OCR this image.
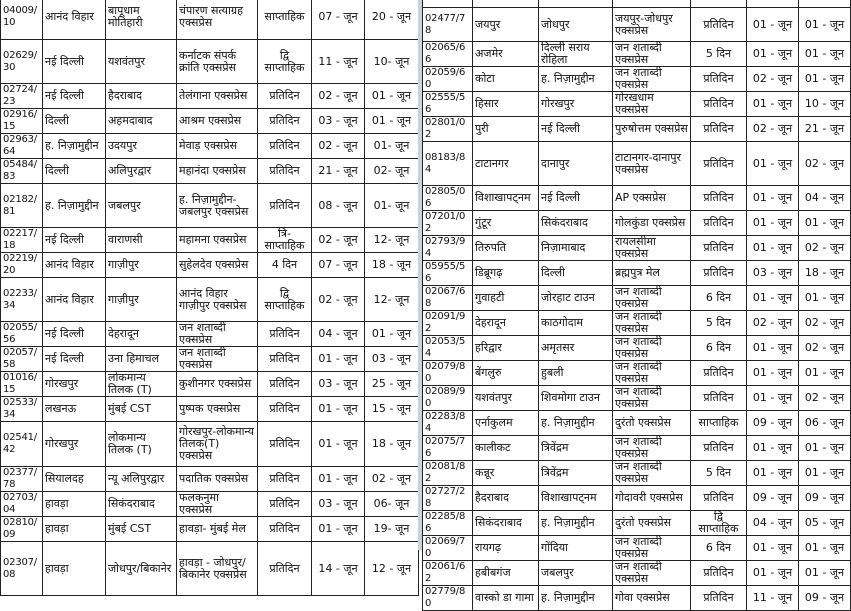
04009/10	आनंद विहार	बापूधाम मोतिहारी	चंपारण सत्याग्रह एक्सप्रेस	साप्ताहिक	07 - जून	20 - जून
02629/30	नई दिल्ली	यशवंतपुर	कर्नाटक संपर्क क्रांति एक्सप्रेस	द्वि साप्ताहिक	11 - जून	10- जून
02724/23	नई दिल्ली	हैदराबाद	तेलंगाना एक्सप्रेस	प्रतिदिन	02 - जून	01 - जून
02916/15	दिल्ली	अहमदाबाद	आश्रम एक्सप्रेस	प्रतिदिन	03 - जून	01 - जून
02963/64	ह. निज़ामुद्दीन	उदयपुर	मेवाड़ एक्सप्रेस	प्रतिदिन	02 - जून	01- जून
05484/83	दिल्ली	अलिपुरद्वार	महानंदा एक्सप्रेस	प्रतिदिन	21 - जून	02- जून
02182/81	ह. निज़ामुद्दीन	जबलपुर	ह. निज़ामुद्दीन-जबलपुर एक्सप्रेस	प्रतिदिन	08 - जून	01- जून
02217/18	नई दिल्ली	वाराणसी	महामना एक्सप्रेस	त्रि-साप्ताहिक	02 - जून	12- जून
02219/20	आनंद विहार	गाज़ीपुर	सुहेलदेव एक्सप्रेस	4 दिन	07 - जून	18 - जून
02233/34	आनंद विहार	गाज़ीपुर	आनंद विहार गाज़ीपुर एक्सप्रेस	द्वि साप्ताहिक	02 - जून	12- जून
02055/56	नई दिल्ली	देहरादून	जन शताब्दी एक्सप्रेस	प्रतिदिन	04 - जून	01 - जून
02057/58	नई दिल्ली	उना हिमाचल	जन शताब्दी एक्सप्रेस	प्रतिदिन	01 - जून	03 - जून
01016/15	गोरखपुर	लोकमान्य तिलक (T)	कुशीनगर एक्सप्रेस	प्रतिदिन	03 - जून	25 - जून
02533/34	लखनऊ	मुंबई CST	पुष्पक एक्सप्रेस	प्रतिदिन	01 - जून	15 - जून
02541/42	गोरखपुर	लोकमान्य तिलक (T)	गोरखपुर-लोकमान्य तिलक(T) एक्सप्रेस	प्रतिदिन	01 - जून	18 - जून
02377/78	सियालदह	न्यू अलिपुरद्वार	पदातिक एक्सप्रेस	प्रतिदिन	01 - जून	02 - जून
02703/04	हावड़ा	सिकंदराबाद	फलकनुमा एक्सप्रेस	प्रतिदिन	03 - जून	06- जून
02810/09	हावड़ा	मुंबई CST	हावड़ा- मुंबई मेल	प्रतिदिन	01 - जून	19- जून
02307/08	हावड़ा	जोधपुर/बिकानेर	हावड़ा - जोधपुर/बिकानेर एक्सप्रेस	प्रतिदिन	14 - जून	12 - जून

02477/78	जयपुर	जोधपुर	जयपुर-जोधपुर एक्सप्रेस	प्रतिदिन	01 - जून	01 - जून
02065/66	अजमेर	दिल्ली सराय रोहिला	जन शताब्दी एक्सप्रेस	5 दिन	01 - जून	01 - जून
02059/60	कोटा	ह. निज़ामुद्दीन	जन शताब्दी एक्सप्रेस	प्रतिदिन	02 - जून	01 - जून
02555/56	हिसार	गोरखपुर	गोरखधाम एक्सप्रेस	प्रतिदिन	01 - जून	10 - जून
02801/02	पुरी	नई दिल्ली	पुरुषोत्तम एक्सप्रेस	प्रतिदिन	02 - जून	21 - जून
08183/84	टाटानगर	दानापुर	टाटानगर-दानापुर एक्सप्रेस	प्रतिदिन	01 - जून	02 - जून
02805/06	विशाखापट्नम	नई दिल्ली	AP एक्सप्रेस	प्रतिदिन	01 - जून	04 - जून
07201/02	गुंटूर	सिकंदराबाद	गोलकुंडा एक्सप्रेस	प्रतिदिन	01 - जून	01 - जून
02793/94	तिरुपति	निज़ामाबाद	रायलसीमा एक्सप्रेस	प्रतिदिन	01 - जून	02 - जून
05955/56	डिब्रूगढ़	दिल्ली	ब्रह्मपुत्र मेल	प्रतिदिन	03 - जून	18 - जून
02067/68	गुवाहटी	जोरहाट टाउन	जन शताब्दी एक्सप्रेस	6 दिन	01 - जून	01 - जून
02091/92	देहरादून	काठगोदाम	जन शताब्दी एक्सप्रेस	5 दिन	02 - जून	02 - जून
02053/54	हरिद्वार	अमृतसर	जन शताब्दी एक्सप्रेस	6 दिन	01 - जून	02 - जून
02079/80	बेंगलुरु	हुबली	जन शताब्दी एक्सप्रेस	प्रतिदिन	01 - जून	01 - जून
02089/90	यशवंतपुर	शिवमोगा टाउन	जन शताब्दी एक्सप्रेस	प्रतिदिन	01 - जून	02 - जून
02283/84	एर्नाकुलम	ह. निज़ामुद्दीन	दुरंतो एक्सप्रेस	साप्ताहिक	09 - जून	06 - जून
02075/76	कालीकट	त्रिवेंद्रम	जन शताब्दी एक्सप्रेस	प्रतिदिन	01 - जून	01 - जून
02081/82	कन्नूर	त्रिवेंद्रम	जन शताब्दी एक्सप्रेस	5 दिन	01 - जून	01 - जून
02727/28	हैदराबाद	विशाखापट्नम	गोदावरी एक्सप्रेस	प्रतिदिन	09 - जून	09 - जून
02285/86	सिकंदराबाद	ह. निज़ामुद्दीन	दुरंतो एक्सप्रेस	द्वि साप्ताहिक	04 - जून	05 - जून
02069/70	रायगढ़	गोंदिया	जन शताब्दी एक्सप्रेस	6 दिन	01 - जून	01 - जून
02061/62	हबीबगंज	जबलपुर	जन शताब्दी एक्सप्रेस	प्रतिदिन	01 - जून	01 - जून
02779/80	वास्को डा गामा	ह. निज़ामुद्दीन	गोवा एक्सप्रेस	प्रतिदिन	11 - जून	09 - जून
